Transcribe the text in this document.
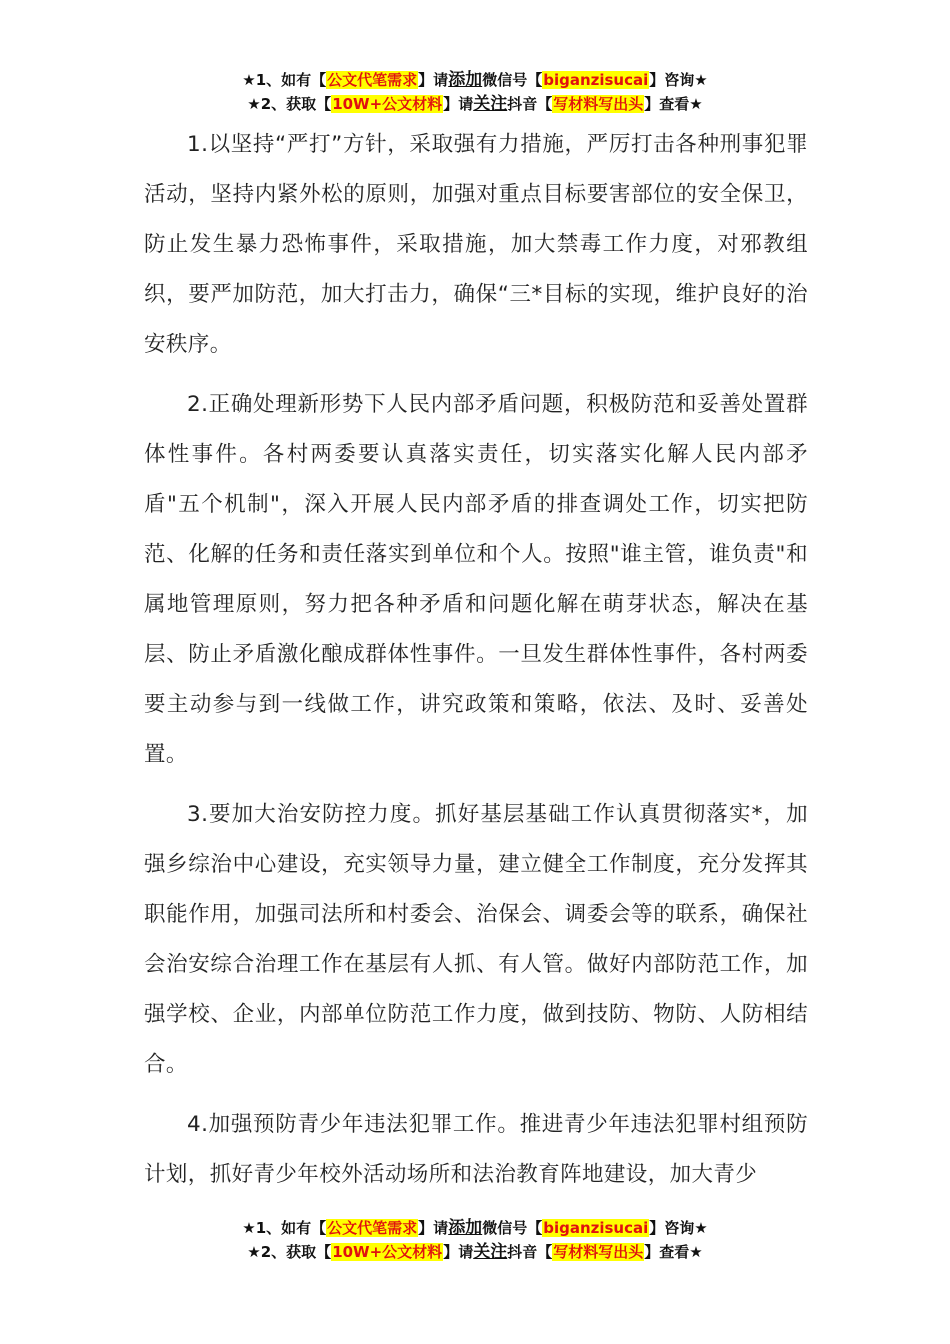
★1、如有【公文代笔需求】请添加微信号【biganzisucai】咨询★
★2、获取【10W+公文材料】请关注抖音【写材料写出头】查看★

1.以坚持“严打”方针，采取强有力措施，严厉打击各种刑事犯罪活动，坚持内紧外松的原则，加强对重点目标要害部位的安全保卫，防止发生暴力恐怖事件，采取措施，加大禁毒工作力度，对邪教组织，要严加防范，加大打击力，确保“三*目标的实现，维护良好的治安秩序。

2.正确处理新形势下人民内部矛盾问题，积极防范和妥善处置群体性事件。各村两委要认真落实责任，切实落实化解人民内部矛盾"五个机制"，深入开展人民内部矛盾的排查调处工作，切实把防范、化解的任务和责任落实到单位和个人。按照"谁主管，谁负责"和属地管理原则，努力把各种矛盾和问题化解在萌芽状态，解决在基层、防止矛盾激化酿成群体性事件。一旦发生群体性事件，各村两委要主动参与到一线做工作，讲究政策和策略，依法、及时、妥善处置。

3.要加大治安防控力度。抓好基层基础工作认真贯彻落实*，加强乡综治中心建设，充实领导力量，建立健全工作制度，充分发挥其职能作用，加强司法所和村委会、治保会、调委会等的联系，确保社会治安综合治理工作在基层有人抓、有人管。做好内部防范工作，加强学校、企业，内部单位防范工作力度，做到技防、物防、人防相结合。

4.加强预防青少年违法犯罪工作。推进青少年违法犯罪村组预防计划，抓好青少年校外活动场所和法治教育阵地建设，加大青少

★1、如有【公文代笔需求】请添加微信号【biganzisucai】咨询★
★2、获取【10W+公文材料】请关注抖音【写材料写出头】查看★
